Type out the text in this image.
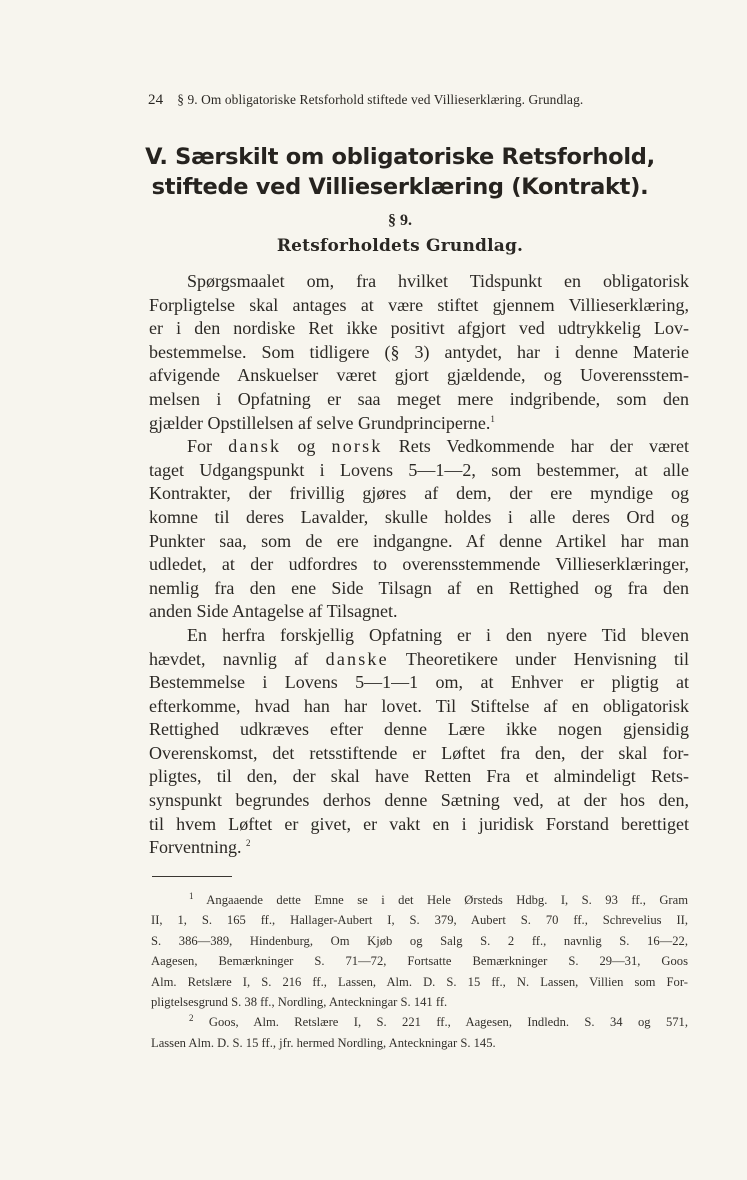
24 § 9. Om obligatoriske Retsforhold stiftede ved Villieserklæring. Grundlag.
V. Særskilt om obligatoriske Retsforhold,
stiftede ved Villieserklæring (Kontrakt).
§ 9.
Retsforholdets Grundlag.
Spørgsmaalet om, fra hvilket Tidspunkt en obligatorisk
Forpligtelse skal antages at være stiftet gjennem Villieserklæring,
er i den nordiske Ret ikke positivt afgjort ved udtrykkelig Lov-
bestemmelse. Som tidligere (§ 3) antydet, har i denne Materie
afvigende Anskuelser været gjort gjældende, og Uoverensstem-
melsen i Opfatning er saa meget mere indgribende, som den
gjælder Opstillelsen af selve Grundprinciperne.$^1$
For dansk og norsk Rets Vedkommende har der været
taget Udgangspunkt i Lovens 5—1—2, som bestemmer, at alle
Kontrakter, der frivillig gjøres af dem, der ere myndige og
komne til deres Lavalder, skulle holdes i alle deres Ord og
Punkter saa, som de ere indgangne. Af denne Artikel har man
udledet, at der udfordres to overensstemmende Villieserklæringer,
nemlig fra den ene Side Tilsagn af en Rettighed og fra den
anden Side Antagelse af Tilsagnet.
En herfra forskjellig Opfatning er i den nyere Tid bleven
hævdet, navnlig af danske Theoretikere under Henvisning til
Bestemmelse i Lovens 5—1—1 om, at Enhver er pligtig at
efterkomme, hvad han har lovet. Til Stiftelse af en obligatorisk
Rettighed udkræves efter denne Lære ikke nogen gjensidig
Overenskomst, det retsstiftende er Løftet fra den, der skal for-
pligtes, til den, der skal have Retten Fra et almindeligt Rets-
synspunkt begrundes derhos denne Sætning ved, at der hos den,
til hvem Løftet er givet, er vakt en i juridisk Forstand berettiget
Forventning. $^2$
$^1$ Angaaende dette Emne se i det Hele Ørsteds Hdbg. I, S. 93 ff., Gram
II, 1, S. 165 ff., Hallager-Aubert I, S. 379, Aubert S. 70 ff., Schrevelius II,
S. 386—389, Hindenburg, Om Kjøb og Salg S. 2 ff., navnlig S. 16—22,
Aagesen, Bemærkninger S. 71—72, Fortsatte Bemærkninger S. 29—31, Goos
Alm. Retslære I, S. 216 ff., Lassen, Alm. D. S. 15 ff., N. Lassen, Villien som For-
pligtelsesgrund S. 38 ff., Nordling, Anteckningar S. 141 ff.
$^2$ Goos, Alm. Retslære I, S. 221 ff., Aagesen, Indledn. S. 34 og 571,
Lassen Alm. D. S. 15 ff., jfr. hermed Nordling, Anteckningar S. 145.
